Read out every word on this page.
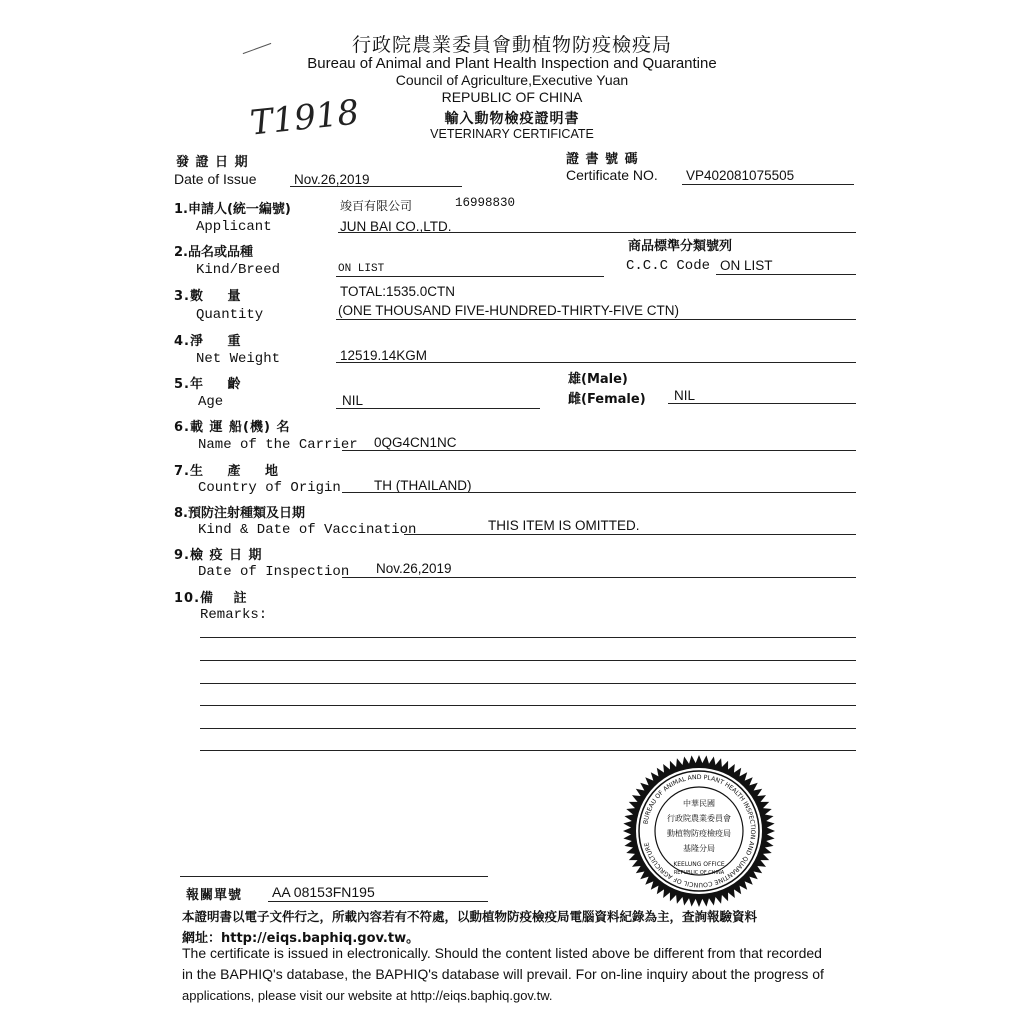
行政院農業委員會動植物防疫檢疫局
Bureau of Animal and Plant Health Inspection and Quarantine
Council of Agriculture,Executive Yuan
REPUBLIC OF CHINA
輸入動物檢疫證明書
VETERINARY CERTIFICATE
T1918
發 證 日 期
Date of Issue	Nov.26,2019
證 書 號 碼
Certificate NO. VP402081075505
1.申請人(統一編號)	竣百有限公司	16998830
Applicant	JUN BAI CO.,LTD.
2.品名或品種	商品標準分類號列
Kind/Breed	ON LIST	C.C.C Code ON LIST
3.數 量	TOTAL:1535.0CTN
Quantity	(ONE THOUSAND FIVE-HUNDRED-THIRTY-FIVE CTN)
4.淨 重
Net Weight	12519.14KGM
5.年 齡	雄(Male)
Age	NIL	雌(Female) NIL
6.載 運 船(機) 名
Name of the Carrier 0QG4CN1NC
7.生 產 地
Country of Origin TH (THAILAND)
8.預防注射種類及日期
Kind & Date of Vaccination	THIS ITEM IS OMITTED.
9.檢 疫 日 期
Date of Inspection Nov.26,2019
10.備 註
Remarks:
BUREAU OF ANIMAL AND PLANT HEALTH INSPECTION AND QUARANTINE COUNCIL OF AGRICULTURE
中華民國
行政院農業委員會
動植物防疫檢疫局
基隆分局
KEELUNG OFFICE
REPUBLIC OF CHINA
報關單號 AA 08153FN195
本證明書以電子文件行之，所載內容若有不符處，以動植物防疫檢疫局電腦資料紀錄為主，查詢報驗資料
網址：http://eiqs.baphiq.gov.tw。
The certificate is issued in electronically. Should the content listed above be different from that recorded
in the BAPHIQ's database, the BAPHIQ's database will prevail. For on-line inquiry about the progress of
applications, please visit our website at http://eiqs.baphiq.gov.tw.
